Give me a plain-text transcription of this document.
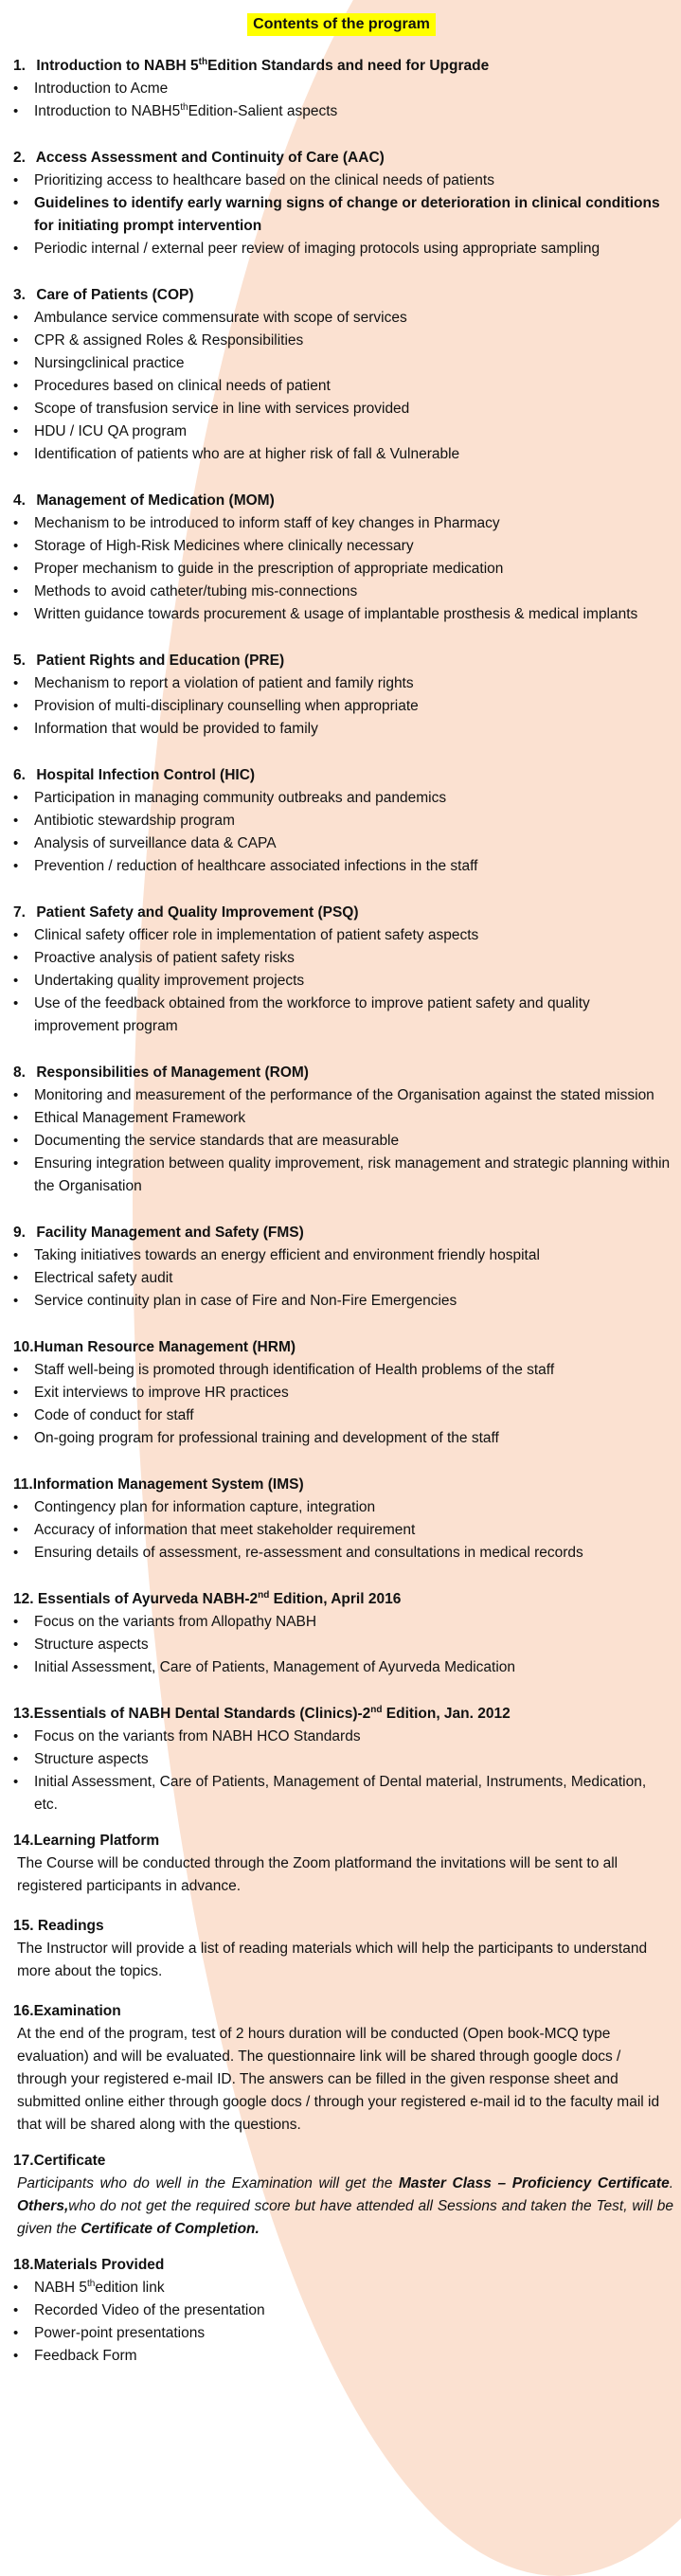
Contents of the program
1. Introduction to NABH 5thEdition Standards and need for Upgrade
• Introduction to Acme
• Introduction to NABH5thEdition-Salient aspects
2. Access Assessment and Continuity of Care (AAC)
• Prioritizing access to healthcare based on the clinical needs of patients
• Guidelines to identify early warning signs of change or deterioration in clinical conditions for initiating prompt intervention
• Periodic internal / external peer review of imaging protocols using appropriate sampling
3. Care of Patients (COP)
• Ambulance service commensurate with scope of services
• CPR & assigned Roles & Responsibilities
• Nursingclinical practice
• Procedures based on clinical needs of patient
• Scope of transfusion service in line with services provided
• HDU / ICU QA program
• Identification of patients who are at higher risk of fall & Vulnerable
4. Management of Medication (MOM)
• Mechanism to be introduced to inform staff of key changes in Pharmacy
• Storage of High-Risk Medicines where clinically necessary
• Proper mechanism to guide in the prescription of appropriate medication
• Methods to avoid catheter/tubing mis-connections
• Written guidance towards procurement & usage of implantable prosthesis & medical implants
5. Patient Rights and Education (PRE)
• Mechanism to report a violation of patient and family rights
• Provision of multi-disciplinary counselling when appropriate
• Information that would be provided to family
6. Hospital Infection Control (HIC)
• Participation in managing community outbreaks and pandemics
• Antibiotic stewardship program
• Analysis of surveillance data & CAPA
• Prevention / reduction of healthcare associated infections in the staff
7. Patient Safety and Quality Improvement (PSQ)
• Clinical safety officer role in implementation of patient safety aspects
• Proactive analysis of patient safety risks
• Undertaking quality improvement projects
• Use of the feedback obtained from the workforce to improve patient safety and quality improvement program
8. Responsibilities of Management (ROM)
• Monitoring and measurement of the performance of the Organisation against the stated mission
• Ethical Management Framework
• Documenting the service standards that are measurable
• Ensuring integration between quality improvement, risk management and strategic planning within the Organisation
9. Facility Management and Safety (FMS)
• Taking initiatives towards an energy efficient and environment friendly hospital
• Electrical safety audit
• Service continuity plan in case of Fire and Non-Fire Emergencies
10.Human Resource Management (HRM)
• Staff well-being is promoted through identification of Health problems of the staff
• Exit interviews to improve HR practices
• Code of conduct for staff
• On-going program for professional training and development of the staff
11.Information Management System (IMS)
• Contingency plan for information capture, integration
• Accuracy of information that meet stakeholder requirement
• Ensuring details of assessment, re-assessment and consultations in medical records
12. Essentials of Ayurveda NABH-2nd Edition, April 2016
• Focus on the variants from Allopathy NABH
• Structure aspects
• Initial Assessment, Care of Patients, Management of Ayurveda Medication
13.Essentials of NABH Dental Standards (Clinics)-2nd Edition, Jan. 2012
• Focus on the variants from NABH HCO Standards
• Structure aspects
• Initial Assessment, Care of Patients, Management of Dental material, Instruments, Medication, etc.
14.Learning Platform
The Course will be conducted through the Zoom platformand the invitations will be sent to all registered participants in advance.
15. Readings
The Instructor will provide a list of reading materials which will help the participants to understand more about the topics.
16.Examination
At the end of the program, test of 2 hours duration will be conducted (Open book-MCQ type evaluation) and will be evaluated. The questionnaire link will be shared through google docs / through your registered e-mail ID. The answers can be filled in the given response sheet and submitted online either through google docs / through your registered e-mail id to the faculty mail id that will be shared along with the questions.
17.Certificate
Participants who do well in the Examination will get the Master Class – Proficiency Certificate. Others,who do not get the required score but have attended all Sessions and taken the Test, will be given the Certificate of Completion.
18.Materials Provided
• NABH 5thedition link
• Recorded Video of the presentation
• Power-point presentations
• Feedback Form
